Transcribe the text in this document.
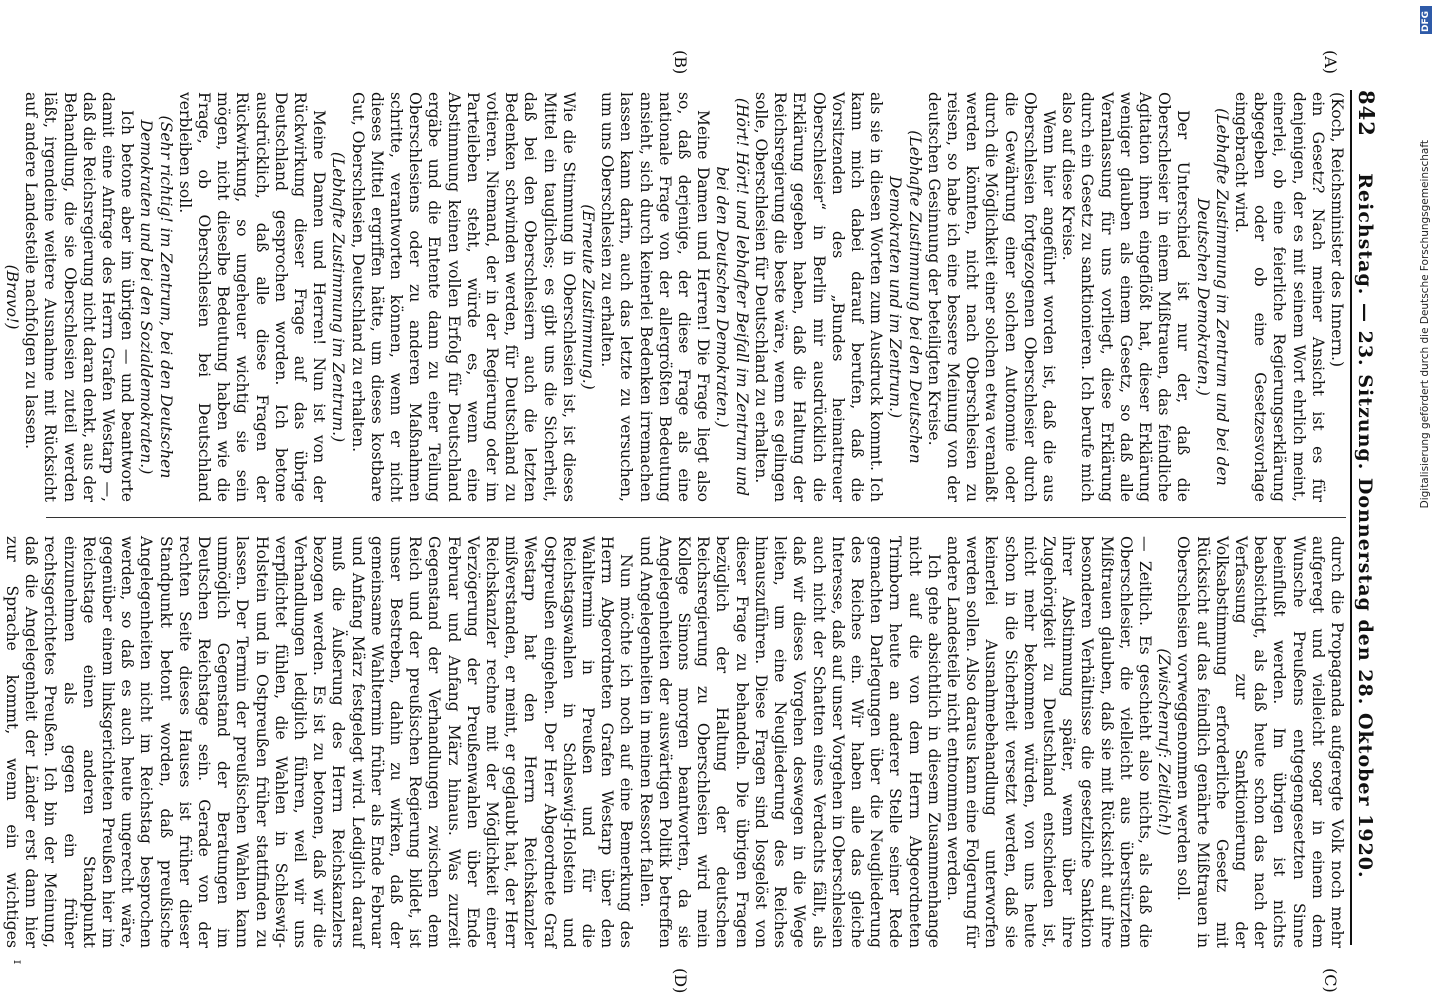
842
Reichstag. — 23. Sitzung. Donnerstag den 28. Oktober 1920.
(A)
(B)
(C)
(D)

(Koch, Reichsminister des Innern.)

ein Gesetz? Nach meiner Ansicht ist es für denjenigen, der es mit seinem Wort ehrlich meint, einerlei, ob eine feierliche Regierungserklärung abgegeben oder ob eine Gesetzesvorlage eingebracht wird.

(Lebhafte Zustimmung im Zentrum und bei den Deutschen Demokraten.)

Der Unterschied ist nur der, daß die Oberschlesier in einem Mißtrauen, das feindliche Agitation ihnen eingeflößt hat, dieser Erklärung weniger glauben als einem Gesetz, so daß alle Veranlassung für uns vorliegt, diese Erklärung durch ein Gesetz zu sanktionieren. Ich berufe mich also auf diese Kreise.

Wenn hier angeführt worden ist, daß die aus Oberschlesien fortgezogenen Oberschlesier durch die Gewährung einer solchen Autonomie oder durch die Möglichkeit einer solchen etwa veranlaßt werden könnten, nicht nach Oberschlesien zu reisen, so habe ich eine bessere Meinung von der deutschen Gesinnung der beteiligten Kreise.

(Lebhafte Zustimmung bei den Deutschen Demokraten und im Zentrum.)

als sie in diesen Worten zum Ausdruck kommt. Ich kann mich dabei darauf berufen, daß die Vorsitzenden des „Bundes heimattreuer Oberschlesier“ in Berlin mir ausdrücklich die Erklärung gegeben haben, daß die Haltung der Reichsregierung die beste wäre, wenn es gelingen solle, Oberschlesien für Deutschland zu erhalten.

(Hört! Hört! und lebhafter Beifall im Zentrum und bei den Deutschen Demokraten.)

Meine Damen und Herren! Die Frage liegt also so, daß derjenige, der diese Frage als eine nationale Frage von der allergrößten Bedeutung ansieht, sich durch keinerlei Bedenken irremachen lassen kann darin, auch das letzte zu versuchen, um uns Oberschlesien zu erhalten.

(Erneute Zustimmung.)

Wie die Stimmung in Oberschlesien ist, ist dieses Mittel ein taugliches; es gibt uns die Sicherheit, daß bei den Oberschlesiern auch die letzten Bedenken schwinden werden, für Deutschland zu votieren. Niemand, der in der Regierung oder im Parteileben steht, würde es, wenn eine Abstimmung keinen vollen Erfolg für Deutschland ergäbe und die Entente dann zu einer Teilung Oberschlesiens oder zu anderen Maßnahmen schritte, verantworten können, wenn er nicht dieses Mittel ergriffen hätte, um dieses kostbare Gut, Oberschlesien, Deutschland zu erhalten.

(Lebhafte Zustimmung im Zentrum.)

Meine Damen und Herren! Nun ist von der Rückwirkung dieser Frage auf das übrige Deutschland gesprochen worden. Ich betone ausdrücklich, daß alle diese Fragen der Rückwirkung, so ungeheuer wichtig sie sein mögen, nicht dieselbe Bedeutung haben wie die Frage, ob Oberschlesien bei Deutschland verbleiben soll.

(Sehr richtig! im Zentrum, bei den Deutschen Demokraten und bei den Sozialdemokraten.)

Ich betone aber im übrigen — und beantworte damit eine Anfrage des Herrn Grafen Westarp —, daß die Reichsregierung nicht daran denkt, aus der Behandlung, die sie Oberschlesien zuteil werden läßt, irgendeine weitere Ausnahme mit Rücksicht auf andere Landesteile nachfolgen zu lassen.

(Bravo!)

durch die Propaganda aufgeregte Volk noch mehr aufgeregt und vielleicht sogar in einem dem Wunsche Preußens entgegengesetzten Sinne beeinflußt werden. Im übrigen ist nichts beabsichtigt, als daß heute schon das nach der Verfassung zur Sanktionierung der Volksabstimmung erforderliche Gesetz mit Rücksicht auf das feindlich genährte Mißtrauen in Oberschlesien vorweggenommen werden soll.

(Zwischenruf: Zeitlich!)

— Zeitlich. Es geschieht also nichts, als daß die Oberschlesier, die vielleicht aus überstürztem Mißtrauen glauben, daß sie mit Rücksicht auf ihre besonderen Verhältnisse die gesetzliche Sanktion ihrer Abstimmung später, wenn über ihre Zugehörigkeit zu Deutschland entschieden ist, nicht mehr bekommen würden, von uns heute schon in die Sicherheit versetzt werden, daß sie keinerlei Ausnahmebehandlung unterworfen werden sollen. Also daraus kann eine Folgerung für andere Landesteile nicht entnommen werden.

Ich gehe absichtlich in diesem Zusammenhange nicht auf die von dem Herrn Abgeordneten Trimborn heute an anderer Stelle seiner Rede gemachten Darlegungen über die Neugliederung des Reiches ein. Wir haben alle das gleiche Interesse, daß auf unser Vorgehen in Oberschlesien auch nicht der Schatten eines Verdachts fällt, als daß wir dieses Vorgehen deswegen in die Wege leiten, um eine Neugliederung des Reiches hinauszuführen. Diese Fragen sind losgelöst von dieser Frage zu behandeln. Die übrigen Fragen bezüglich der Haltung der deutschen Reichsregierung zu Oberschlesien wird mein Kollege Simons morgen beantworten, da sie Angelegenheiten der auswärtigen Politik betreffen und Angelegenheiten in meinen Ressort fallen.

Nun möchte ich noch auf eine Bemerkung des Herrn Abgeordneten Grafen Westarp über den Wahltermin in Preußen und für die Reichstagswahlen in Schleswig-Holstein und Ostpreußen eingehen. Der Herr Abgeordnete Graf Westarp hat den Herrn Reichskanzler mißverstanden, er meint, er geglaubt hat, der Herr Reichskanzler rechne mit der Möglichkeit einer Verzögerung der Preußenwahlen über Ende Februar und Anfang März hinaus. Was zurzeit Gegenstand der Verhandlungen zwischen dem Reich und der preußischen Regierung bildet, ist unser Bestreben, dahin zu wirken, daß der gemeinsame Wahltermin früher als Ende Februar und Anfang März festgelegt wird. Lediglich darauf muß die Äußerung des Herrn Reichskanzlers bezogen werden. Es ist zu betonen, daß wir die Verhandlungen lediglich führen, weil wir uns verpflichtet fühlen, die Wahlen in Schleswig-Holstein und in Ostpreußen früher stattfinden zu lassen. Der Termin der preußischen Wahlen kann unmöglich Gegenstand der Beratungen im Deutschen Reichstage sein. Gerade von der rechten Seite dieses Hauses ist früher dieser Standpunkt betont worden, daß preußische Angelegenheiten nicht im Reichstag besprochen werden, so daß es auch heute ungerecht wäre, gegenüber einem linksgerichteten Preußen hier im Reichstage einen anderen Standpunkt einzunehmen als gegen ein früher rechtsgerichtetes Preußen. Ich bin der Meinung, daß die Angelegenheit der Länder erst dann hier zur Sprache kommt, wenn ein wichtiges

ɪ
DFG
Digitalisierung gefördert durch die Deutsche Forschungsgemeinschaft
